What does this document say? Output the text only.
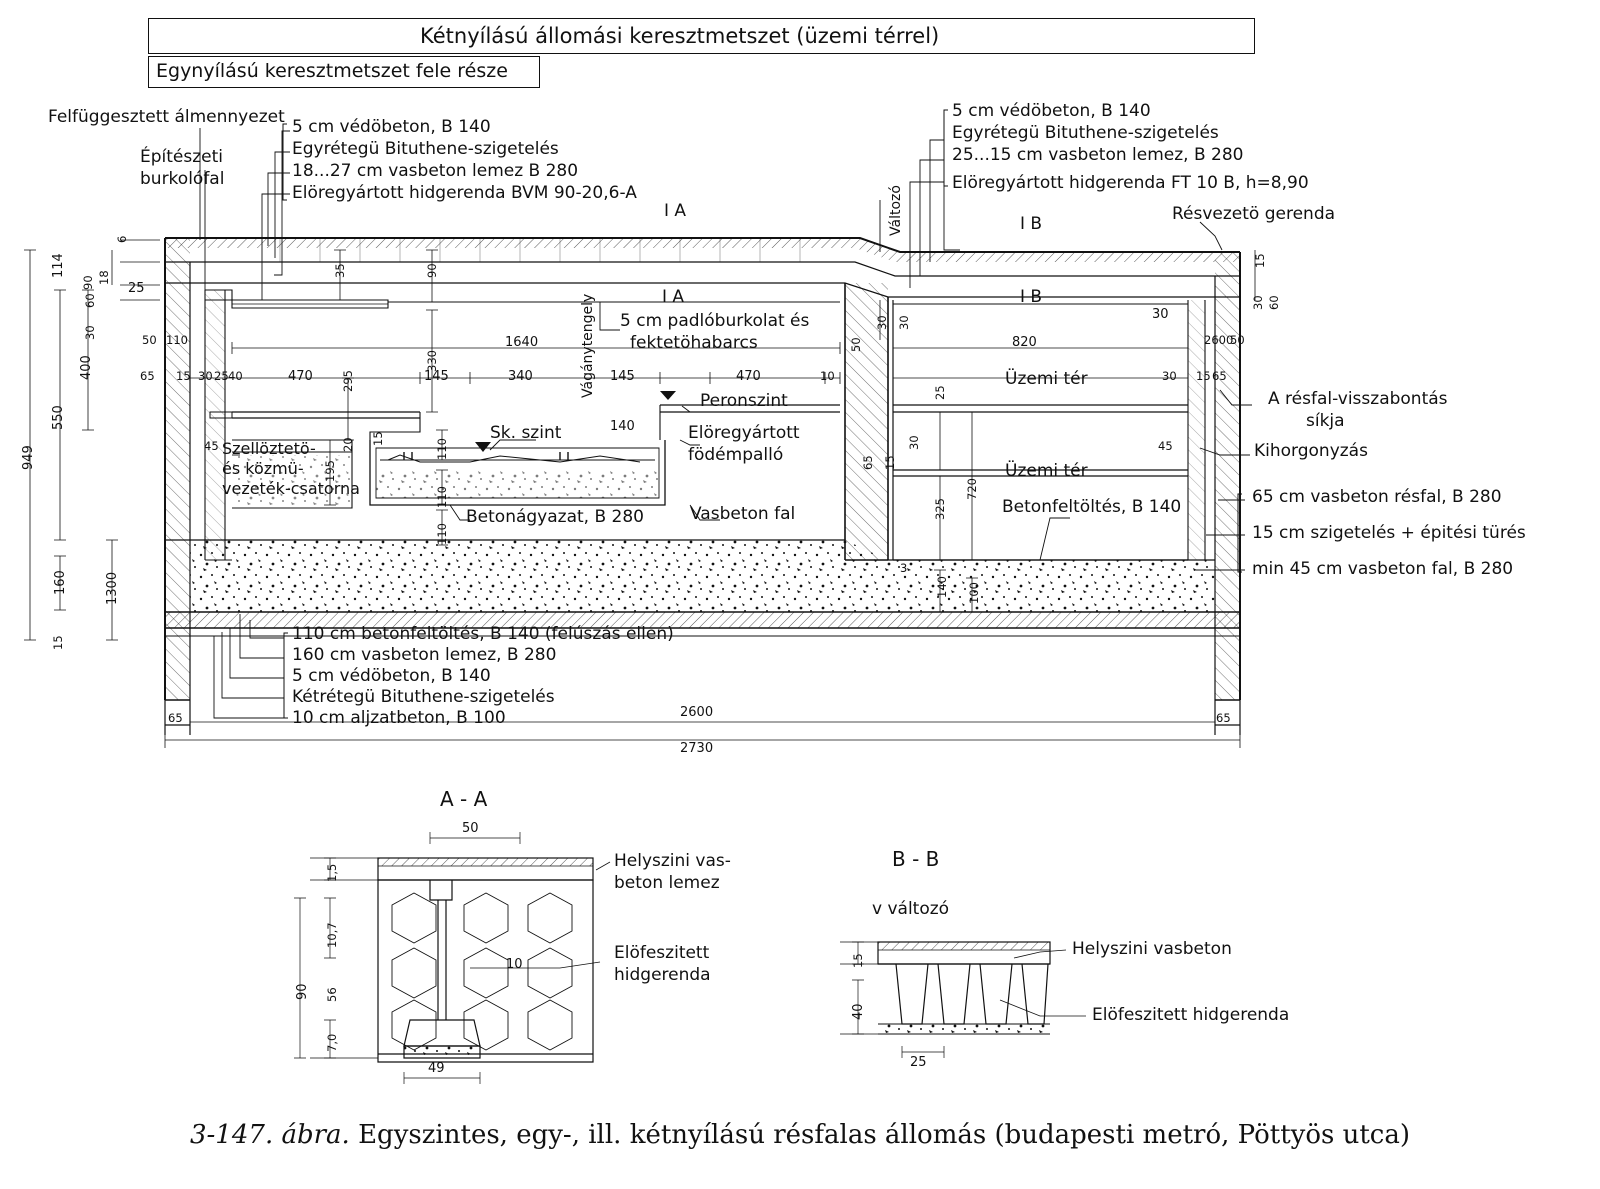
Kétnyílású állomási keresztmetszet (üzemi térrel)
Egynyílású keresztmetszet fele része
Felfüggesztett álmennyezet
Építészeti
burkolófal
5 cm védöbeton, B 140
Egyrétegü Bituthene-szigetelés
18...27 cm vasbeton lemez B 280
Elöregyártott hidgerenda BVM 90-20,6-A
5 cm védöbeton, B 140
Egyrétegü Bituthene-szigetelés
25...15 cm vasbeton lemez, B 280
Elöregyártott hidgerenda FT 10 B, h=8,90
Résvezetö gerenda
I A
I B
I A	I B
Változó
Vágánytengely 5 cm padlóburkolat és
fektetöhabarcs
Üzemi tér
Üzemi tér
Betonfeltöltés, B 140
Peronszint
Sk. szint	Elöregyártott
födémpalló
Vasbeton fal
Betonágyazat, B 280
Szellöztetö-
és közmü-
vezeték-csatorna
A résfal-visszabontás
síkja
Kihorgonyzás
65 cm vasbeton résfal, B 280
15 cm szigetelés + épitési türés
min 45 cm vasbeton fal, B 280
110 cm betonfeltöltés, B 140 (felúszás ellen)
160 cm vasbeton lemez, B 280
5 cm védöbeton, B 140
Kétrétegü Bituthene-szigetelés
10 cm aljzatbeton, B 100
949
550
400
1300
160
114
90 18
6
60
30
15
25
50 110
65 15 30 25 40
65	65
470	145	340	145	470	10
1640	820
30
30	65
15
45
45
2600
50
2600
2730
35	90
330
295
195
20 15	110
110
110
140
720
325
100
140
25
50
30 30
15
65
30
3
30 60
15
A - A
50
1,5
10,7
56
90
7,0
49
10
Helyszini vas-
beton lemez
Elöfeszitett
hidgerenda
B - B
v változó
15
40
25
Helyszini vasbeton
Elöfeszitett hidgerenda
3-147. ábra. Egyszintes, egy-, ill. kétnyílású résfalas állomás (budapesti metró, Pöttyös utca)
